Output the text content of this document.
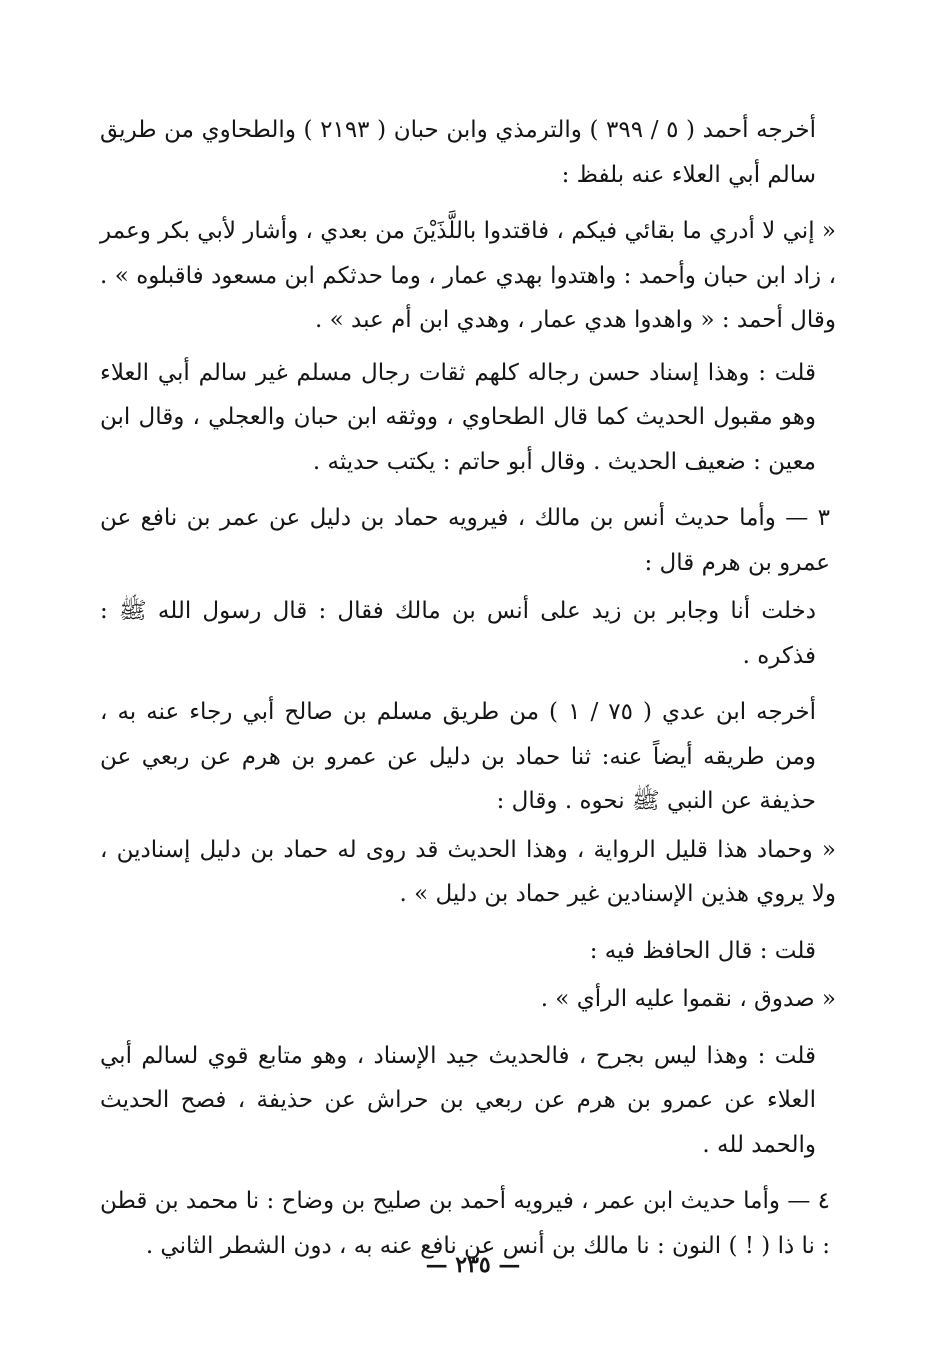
أخرجه أحمد ( ٥ / ٣٩٩ ) والترمذي وابن حبان ( ٢١٩٣ ) والطحاوي من طريق سالم أبي العلاء عنه بلفظ :

« إني لا أدري ما بقائي فيكم ، فاقتدوا باللَّذَيْنَ من بعدي ، وأشار لأبي بكر وعمر ، زاد ابن حبان وأحمد : واهتدوا بهدي عمار ، وما حدثكم ابن مسعود فاقبلوه » . وقال أحمد : « واهدوا هدي عمار ، وهدي ابن أم عبد » .

قلت : وهذا إسناد حسن رجاله كلهم ثقات رجال مسلم غير سالم أبي العلاء وهو مقبول الحديث كما قال الطحاوي ، ووثقه ابن حبان والعجلي ، وقال ابن معين : ضعيف الحديث . وقال أبو حاتم : يكتب حديثه .

٣ — وأما حديث أنس بن مالك ، فيرويه حماد بن دليل عن عمر بن نافع عن عمرو بن هرم قال :

دخلت أنا وجابر بن زيد على أنس بن مالك فقال : قال رسول الله ﷺ : فذكره .

أخرجه ابن عدي ( ٧٥ / ١ ) من طريق مسلم بن صالح أبي رجاء عنه به ، ومن طريقه أيضاً عنه: ثنا حماد بن دليل عن عمرو بن هرم عن ربعي عن حذيفة عن النبي ﷺ نحوه . وقال :

« وحماد هذا قليل الرواية ، وهذا الحديث قد روى له حماد بن دليل إسنادين ، ولا يروي هذين الإسنادين غير حماد بن دليل » .

قلت : قال الحافظ فيه :

« صدوق ، نقموا عليه الرأي » .

قلت : وهذا ليس بجرح ، فالحديث جيد الإسناد ، وهو متابع قوي لسالم أبي العلاء عن عمرو بن هرم عن ربعي بن حراش عن حذيفة ، فصح الحديث والحمد لله .

٤ — وأما حديث ابن عمر ، فيرويه أحمد بن صليح بن وضاح : نا محمد بن قطن : نا ذا ( ! ) النون : نا مالك بن أنس عن نافع عنه به ، دون الشطر الثاني .

— ٢٣٥ —
